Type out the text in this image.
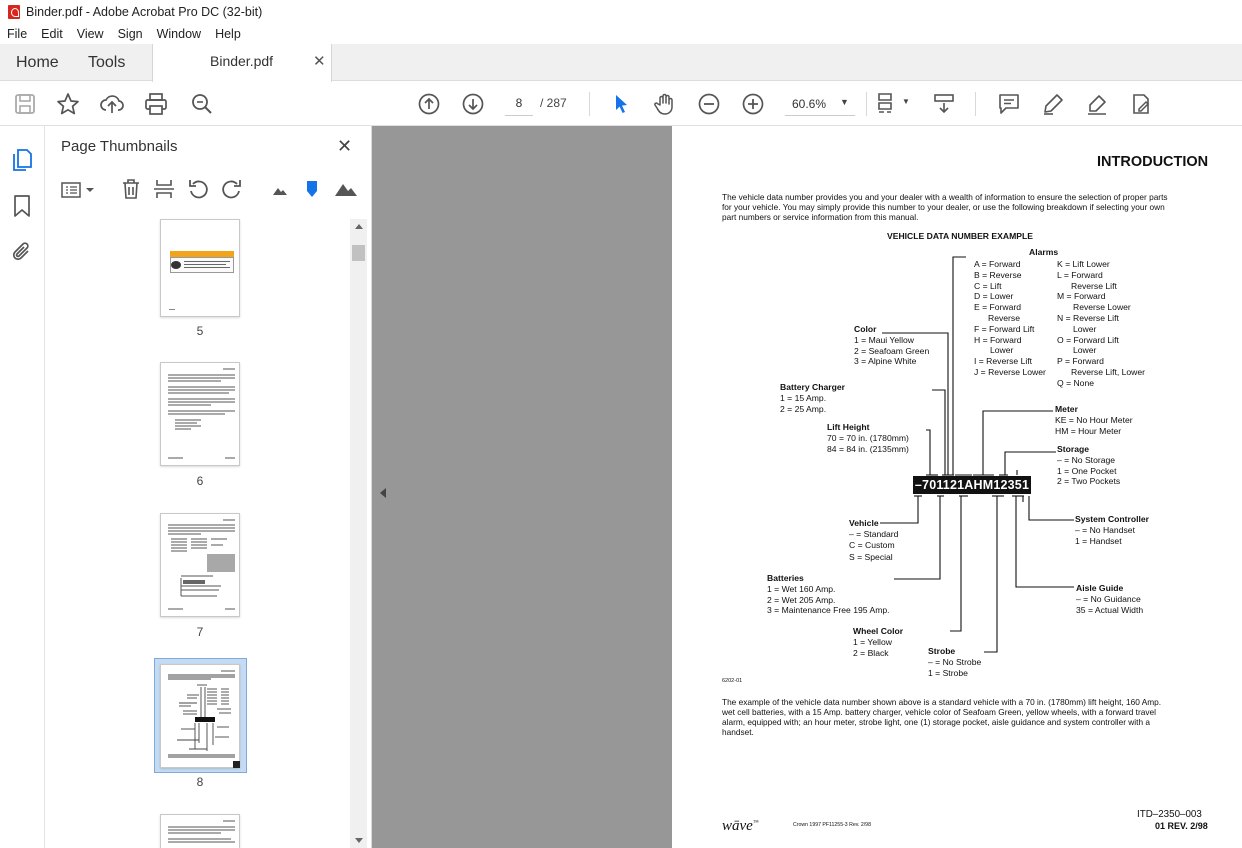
Binder.pdf - Adobe Acrobat Pro DC (32-bit)
File	Edit	View	Sign	Window	Help
Home Tools	Binder.pdf	✕
8	/ 287	60.6% ▼	▼
Page Thumbnails	✕
5
6
7
8
INTRODUCTION
The vehicle data number provides you and your dealer with a wealth of information to ensure the selection of proper parts
for your vehicle. You may simply provide this number to your dealer, or use the following breakdown if selecting your own
part numbers or service information from this manual.
VEHICLE DATA NUMBER EXAMPLE
Alarms
A = Forward
B = Reverse
C = Lift
D = Lower
E = Forward
Reverse
F = Forward Lift
H = Forward
Lower
I = Reverse Lift
J = Reverse Lower
K = Lift Lower
L = Forward
Reverse Lift
M = Forward
Reverse Lower
N = Reverse Lift
Lower
O = Forward Lift
Lower
P = Forward
Reverse Lift, Lower
Q = None
Color
1 = Maui Yellow
2 = Seafoam Green
3 = Alpine White
Battery Charger
1 = 15 Amp.
2 = 25 Amp.
Lift Height
70 = 70 in. (1780mm)
84 = 84 in. (2135mm)
Meter
KE = No Hour Meter
HM = Hour Meter
Storage
– = No Storage
1 = One Pocket
2 = Two Pockets
–701121AHM12351
Vehicle
– = Standard
C = Custom
S = Special
System Controller
– = No Handset
1 = Handset
Batteries
1 = Wet 160 Amp.
2 = Wet 205 Amp.
3 = Maintenance Free 195 Amp.
Aisle Guide
– = No Guidance
35 = Actual Width
Wheel Color
1 = Yellow
2 = Black	Strobe
– = No Strobe
1 = Strobe
6202-01
The example of the vehicle data number shown above is a standard vehicle with a 70 in. (1780mm) lift height, 160 Amp.
wet cell batteries, with a 15 Amp. battery charger, vehicle color of Seafoam Green, yellow wheels, with a forward travel
alarm, equipped with; an hour meter, strobe light, one (1) storage pocket, aisle guidance and system controller with a
handset.
wāve™	Crown 1997 PF11255-3 Rev. 2/98
ITD–2350–003
01 REV. 2/98
